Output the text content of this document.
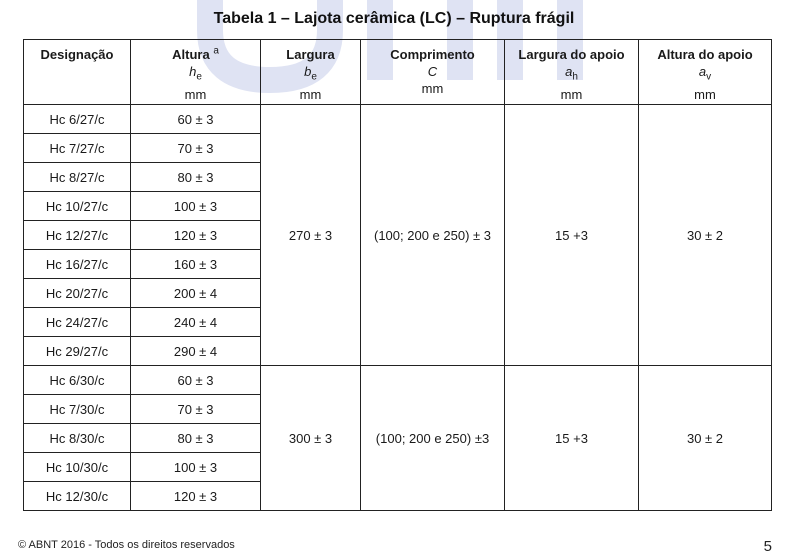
Tabela 1 – Lajota cerâmica (LC) – Ruptura frágil
Designação	Altura $^a$
$h_e$
mm	Largura
$b_e$
mm	Comprimento
C
mm	Largura do apoio
$a_h$
mm	Altura do apoio
$a_v$
mm
Hc 6/27/c	60 ± 3	270 ± 3	(100; 200 e 250) ± 3	15 +3	30 ± 2
Hc 7/27/c	70 ± 3				
Hc 8/27/c	80 ± 3				
Hc 10/27/c	100 ± 3				
Hc 12/27/c	120 ± 3				
Hc 16/27/c	160 ± 3				
Hc 20/27/c	200 ± 4				
Hc 24/27/c	240 ± 4				
Hc 29/27/c	290 ± 4				
Hc 6/30/c	60 ± 3	300 ± 3	(100; 200 e 250) ±3	15 +3	30 ± 2
Hc 7/30/c	70 ± 3				
Hc 8/30/c	80 ± 3				
Hc 10/30/c	100 ± 3				
Hc 12/30/c	120 ± 3				
© ABNT 2016 - Todos os direitos reservados	5
